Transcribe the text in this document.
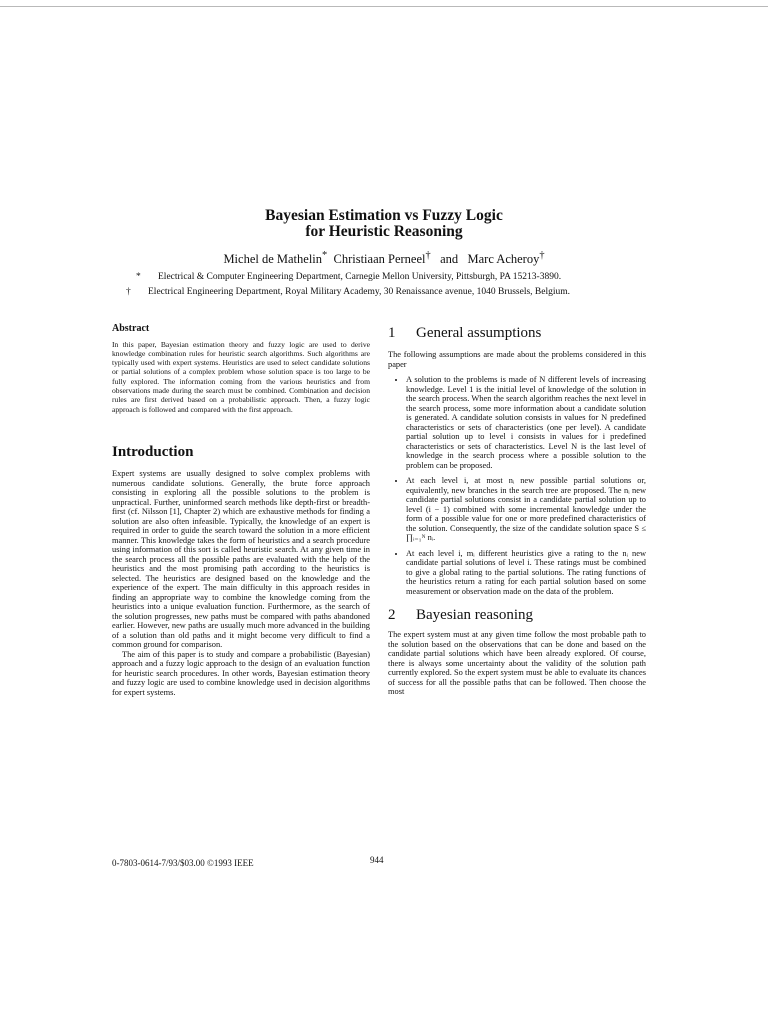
Bayesian Estimation vs Fuzzy Logic
for Heuristic Reasoning
Michel de Mathelin* Christiaan Perneel† and Marc Acheroy†
* Electrical & Computer Engineering Department, Carnegie Mellon University, Pittsburgh, PA 15213-3890.
† Electrical Engineering Department, Royal Military Academy, 30 Renaissance avenue, 1040 Brussels, Belgium.
Abstract

In this paper, Bayesian estimation theory and fuzzy logic are used to derive knowledge combination rules for heuristic search algorithms. Such algorithms are typically used with expert systems. Heuristics are used to select candidate solutions or partial solutions of a complex problem whose solution space is too large to be fully explored. The information coming from the various heuristics and from observations made during the search must be combined. Combination and decision rules are first derived based on a probabilistic approach. Then, a fuzzy logic approach is followed and compared with the first approach.

Introduction

Expert systems are usually designed to solve complex problems with numerous candidate solutions. Generally, the brute force approach consisting in exploring all the possible solutions to the problem is unpractical. Further, uninformed search methods like depth-first or breadth-first (cf. Nilsson [1], Chapter 2) which are exhaustive methods for finding a solution are also often infeasible. Typically, the knowledge of an expert is required in order to guide the search toward the solution in a more efficient manner. This knowledge takes the form of heuristics and a search procedure using information of this sort is called heuristic search. At any given time in the search process all the possible paths are evaluated with the help of the heuristics and the most promising path according to the heuristics is selected. The heuristics are designed based on the knowledge and the experience of the expert. The main difficulty in this approach resides in finding an appropriate way to combine the knowledge coming from the heuristics into a unique evaluation function. Furthermore, as the search of the solution progresses, new paths must be compared with paths abandoned earlier. However, new paths are usually much more advanced in the building of a solution than old paths and it might become very difficult to find a common ground for comparison.

The aim of this paper is to study and compare a probabilistic (Bayesian) approach and a fuzzy logic approach to the design of an evaluation function for heuristic search procedures. In other words, Bayesian estimation theory and fuzzy logic are used to combine knowledge used in decision algorithms for expert systems.

1 General assumptions

The following assumptions are made about the problems considered in this paper

• A solution to the problems is made of N different levels of increasing knowledge. Level 1 is the initial level of knowledge of the solution in the search process. When the search algorithm reaches the next level in the search process, some more information about a candidate solution is generated. A candidate solution consists in values for N predefined characteristics or sets of characteristics (one per level). A candidate partial solution up to level i consists in values for i predefined characteristics or sets of characteristics. Level N is the last level of knowledge in the search process where a possible solution to the problem can be proposed.
• At each level i, at most nᵢ new possible partial solutions or, equivalently, new branches in the search tree are proposed. The nᵢ new candidate partial solutions consist in a candidate partial solution up to level (i − 1) combined with some incremental knowledge under the form of a possible value for one or more predefined characteristics of the solution. Consequently, the size of the candidate solution space S ≤ ∏ᵢ₌₁ᴺ nᵢ.
• At each level i, mᵢ different heuristics give a rating to the nᵢ new candidate partial solutions of level i. These ratings must be combined to give a global rating to the partial solutions. The rating functions of the heuristics return a rating for each partial solution based on some measurement or observation made on the data of the problem.
2 Bayesian reasoning

The expert system must at any given time follow the most probable path to the solution based on the observations that can be done and based on the candidate partial solutions which have been already explored. Of course, there is always some uncertainty about the validity of the solution path currently explored. So the expert system must be able to evaluate its chances of success for all the possible paths that can be followed. Then choose the most

0-7803-0614-7/93/$03.00 ©1993 IEEE	944
